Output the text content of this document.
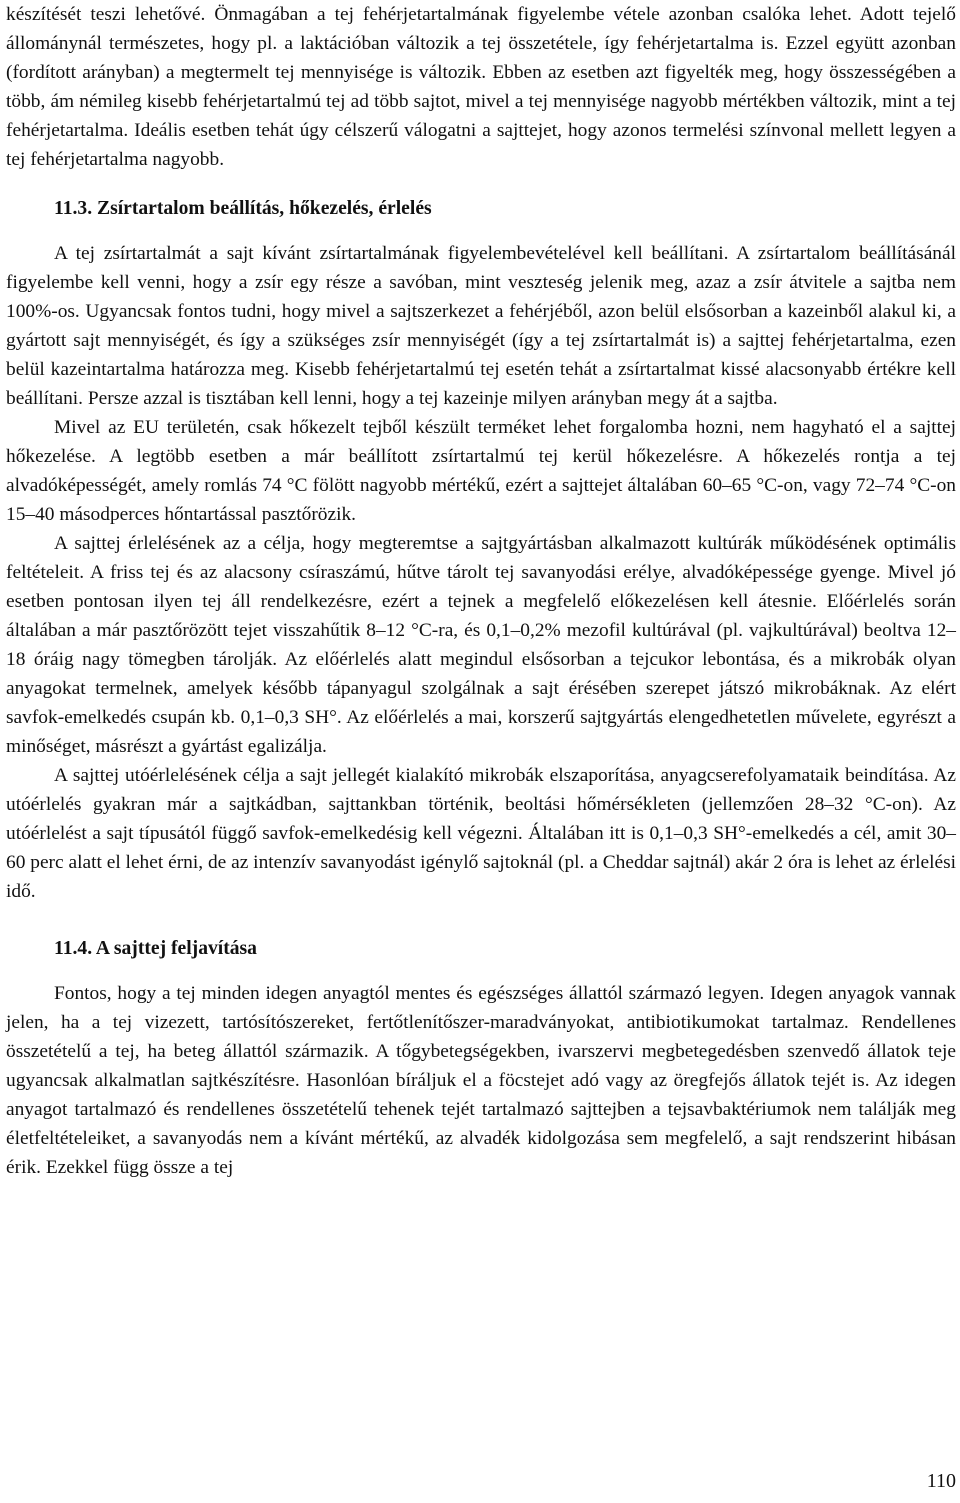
készítését teszi lehetővé. Önmagában a tej fehérjetartalmának figyelembe vétele azonban csalóka lehet. Adott tejelő állománynál természetes, hogy pl. a laktációban változik a tej összetétele, így fehérjetartalma is. Ezzel együtt azonban (fordított arányban) a megtermelt tej mennyisége is változik. Ebben az esetben azt figyelték meg, hogy összességében a több, ám némileg kisebb fehérjetartalmú tej ad több sajtot, mivel a tej mennyisége nagyobb mértékben változik, mint a tej fehérjetartalma. Ideális esetben tehát úgy célszerű válogatni a sajttejet, hogy azonos termelési színvonal mellett legyen a tej fehérjetartalma nagyobb.

11.3. Zsírtartalom beállítás, hőkezelés, érlelés

A tej zsírtartalmát a sajt kívánt zsírtartalmának figyelembevételével kell beállítani. A zsírtartalom beállításánál figyelembe kell venni, hogy a zsír egy része a savóban, mint veszteség jelenik meg, azaz a zsír átvitele a sajtba nem 100%-os. Ugyancsak fontos tudni, hogy mivel a sajtszerkezet a fehérjéből, azon belül elsősorban a kazeinből alakul ki, a gyártott sajt mennyiségét, és így a szükséges zsír mennyiségét (így a tej zsírtartalmát is) a sajttej fehérjetartalma, ezen belül kazeintartalma határozza meg. Kisebb fehérjetartalmú tej esetén tehát a zsírtartalmat kissé alacsonyabb értékre kell beállítani. Persze azzal is tisztában kell lenni, hogy a tej kazeinje milyen arányban megy át a sajtba.

Mivel az EU területén, csak hőkezelt tejből készült terméket lehet forgalomba hozni, nem hagyható el a sajttej hőkezelése. A legtöbb esetben a már beállított zsírtartalmú tej kerül hőkezelésre. A hőkezelés rontja a tej alvadóképességét, amely romlás 74 °C fölött nagyobb mértékű, ezért a sajttejet általában 60–65 °C-on, vagy 72–74 °C-on 15–40 másodperces hőntartással pasztőrözik.

A sajttej érlelésének az a célja, hogy megteremtse a sajtgyártásban alkalmazott kultúrák működésének optimális feltételeit. A friss tej és az alacsony csíraszámú, hűtve tárolt tej savanyodási erélye, alvadóképessége gyenge. Mivel jó esetben pontosan ilyen tej áll rendelkezésre, ezért a tejnek a megfelelő előkezelésen kell átesnie. Előérlelés során általában a már pasztőrözött tejet visszahűtik 8–12 °C-ra, és 0,1–0,2% mezofil kultúrával (pl. vajkultúrával) beoltva 12–18 óráig nagy tömegben tárolják. Az előérlelés alatt megindul elsősorban a tejcukor lebontása, és a mikrobák olyan anyagokat termelnek, amelyek később tápanyagul szolgálnak a sajt érésében szerepet játszó mikrobáknak. Az elért savfok-emelkedés csupán kb. 0,1–0,3 SH°. Az előérlelés a mai, korszerű sajtgyártás elengedhetetlen művelete, egyrészt a minőséget, másrészt a gyártást egalizálja.

A sajttej utóérlelésének célja a sajt jellegét kialakító mikrobák elszaporítása, anyagcserefolyamataik beindítása. Az utóérlelés gyakran már a sajtkádban, sajttankban történik, beoltási hőmérsékleten (jellemzően 28–32 °C-on). Az utóérlelést a sajt típusától függő savfok-emelkedésig kell végezni. Általában itt is 0,1–0,3 SH°-emelkedés a cél, amit 30–60 perc alatt el lehet érni, de az intenzív savanyodást igénylő sajtoknál (pl. a Cheddar sajtnál) akár 2 óra is lehet az érlelési idő.

11.4. A sajttej feljavítása

Fontos, hogy a tej minden idegen anyagtól mentes és egészséges állattól származó legyen. Idegen anyagok vannak jelen, ha a tej vizezett, tartósítószereket, fertőtlenítőszer-maradványokat, antibiotikumokat tartalmaz. Rendellenes összetételű a tej, ha beteg állattól származik. A tőgybetegségekben, ivarszervi megbetegedésben szenvedő állatok teje ugyancsak alkalmatlan sajtkészítésre. Hasonlóan bíráljuk el a föcstejet adó vagy az öregfejős állatok tejét is. Az idegen anyagot tartalmazó és rendellenes összetételű tehenek tejét tartalmazó sajttejben a tejsavbaktériumok nem találják meg életfeltételeiket, a savanyodás nem a kívánt mértékű, az alvadék kidolgozása sem megfelelő, a sajt rendszerint hibásan érik. Ezekkel függ össze a tej

110
